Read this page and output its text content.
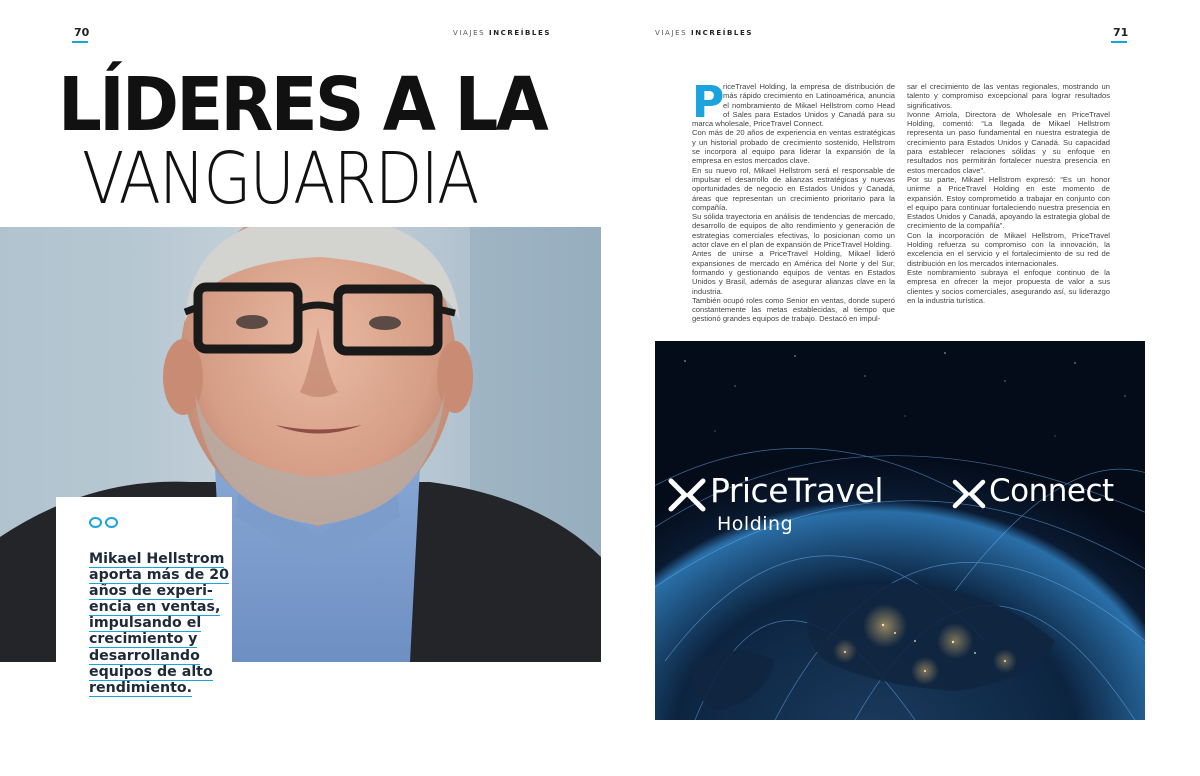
70	VIAJES INCREÍBLES	VIAJES INCREÍBLES	71
LÍDERES A LA
VANGUARDIA
Mikael Hellstrom
aporta más de 20
años de experi-
encia en ventas,
impulsando el
crecimiento y
desarrollando
equipos de alto
rendimiento.
P

riceTravel Holding, la empresa de distribución de más rápido crecimiento en Latinoamérica, anuncia el nombramiento de Mikael Hellstrom como Head of Sales para Estados Unidos y Canadá para su marca wholesale, PriceTravel Connect.

Con más de 20 años de experiencia en ventas estratégicas y un historial probado de crecimiento sostenido, Hellstrom se incorpora al equipo para liderar la expansión de la empresa en estos mercados clave.

En su nuevo rol, Mikael Hellstrom será el responsable de impulsar el desarrollo de alianzas estratégicas y nuevas oportunidades de negocio en Estados Unidos y Canadá, áreas que representan un crecimiento prioritario para la compañía.

Su sólida trayectoria en análisis de tendencias de mercado, desarrollo de equipos de alto rendimiento y generación de estrategias comerciales efectivas, lo posicionan como un actor clave en el plan de expansión de PriceTravel Holding.

Antes de unirse a PriceTravel Holding, Mikael lideró expansiones de mercado en América del Norte y del Sur, formando y gestionando equipos de ventas en Estados Unidos y Brasil, además de asegurar alianzas clave en la industria.

También ocupó roles como Senior en ventas, donde superó constantemente las metas establecidas, al tiempo que gestionó grandes equipos de trabajo. Destacó en impul-

sar el crecimiento de las ventas regionales, mostrando un talento y compromiso excepcional para lograr resultados significativos.

Ivonne Arriola, Directora de Wholesale en PriceTravel Holding, comentó: “La llegada de Mikael Hellstrom representa un paso fundamental en nuestra estrategia de crecimiento para Estados Unidos y Canadá. Su capacidad para establecer relaciones sólidas y su enfoque en resultados nos permitirán fortalecer nuestra presencia en estos mercados clave”.

Por su parte, Mikael Hellstrom expresó: “Es un honor unirme a PriceTravel Holding en este momento de expansión. Estoy comprometido a trabajar en conjunto con el equipo para continuar fortaleciendo nuestra presencia en Estados Unidos y Canadá, apoyando la estrategia global de crecimiento de la compañía”.

Con la incorporación de Mikael Hellstrom, PriceTravel Holding refuerza su compromiso con la innovación, la excelencia en el servicio y el fortalecimiento de su red de distribución en los mercados internacionales.

Este nombramiento subraya el enfoque continuo de la empresa en ofrecer la mejor propuesta de valor a sus clientes y socios comerciales, asegurando así, su liderazgo en la industria turística.

PriceTravel
Holding
Connect
